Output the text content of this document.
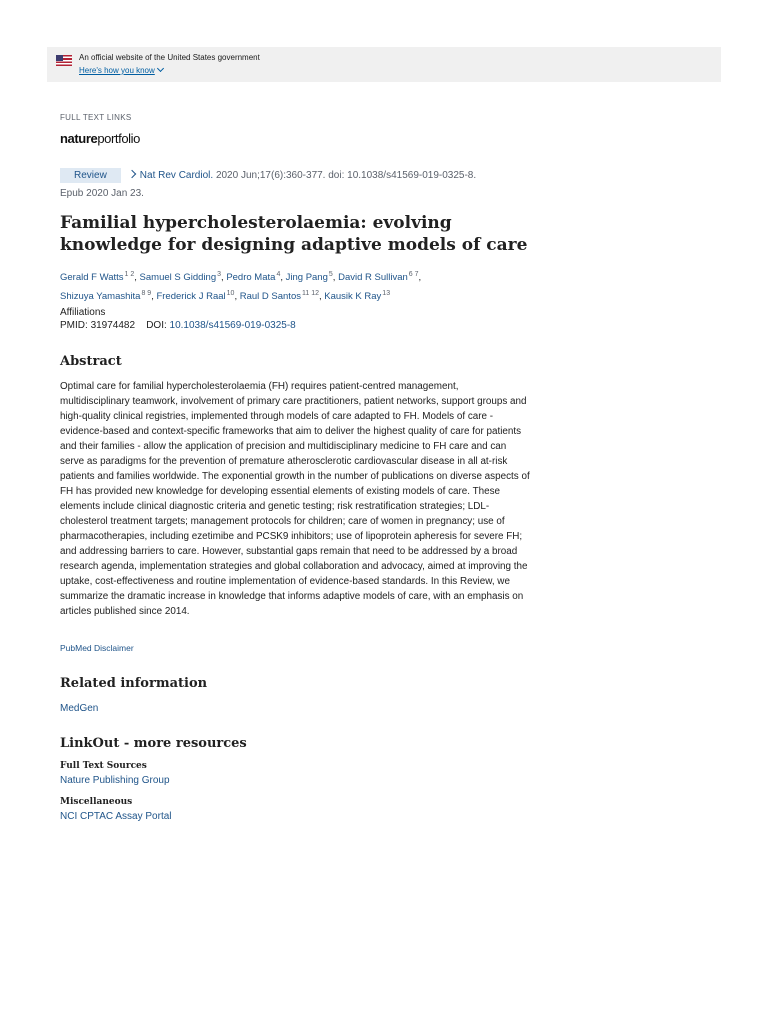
An official website of the United States government
Here's how you know
FULL TEXT LINKS
natureportfolio
Review	Nat Rev Cardiol. 2020 Jun;17(6):360-377. doi: 10.1038/s41569-019-0325-8.
Epub 2020 Jan 23.
Familial hypercholesterolaemia: evolving knowledge for designing adaptive models of care
Gerald F Watts$^{1 2}$, Samuel S Gidding$^3$, Pedro Mata$^4$, Jing Pang$^5$, David R Sullivan$^{6 7}$,
Shizuya Yamashita$^{8 9}$, Frederick J Raal$^{10}$, Raul D Santos$^{11 12}$, Kausik K Ray$^{13}$
Affiliations
PMID: 31974482 DOI: 10.1038/s41569-019-0325-8
Abstract

Optimal care for familial hypercholesterolaemia (FH) requires patient-centred management, multidisciplinary teamwork, involvement of primary care practitioners, patient networks, support groups and high-quality clinical registries, implemented through models of care adapted to FH. Models of care - evidence-based and context-specific frameworks that aim to deliver the highest quality of care for patients and their families - allow the application of precision and multidisciplinary medicine to FH care and can serve as paradigms for the prevention of premature atherosclerotic cardiovascular disease in all at-risk patients and families worldwide. The exponential growth in the number of publications on diverse aspects of FH has provided new knowledge for developing essential elements of existing models of care. These elements include clinical diagnostic criteria and genetic testing; risk restratification strategies; LDL-cholesterol treatment targets; management protocols for children; care of women in pregnancy; use of pharmacotherapies, including ezetimibe and PCSK9 inhibitors; use of lipoprotein apheresis for severe FH; and addressing barriers to care. However, substantial gaps remain that need to be addressed by a broad research agenda, implementation strategies and global collaboration and advocacy, aimed at improving the uptake, cost-effectiveness and routine implementation of evidence-based standards. In this Review, we summarize the dramatic increase in knowledge that informs adaptive models of care, with an emphasis on articles published since 2014.

PubMed Disclaimer
Related information
MedGen
LinkOut - more resources
Full Text Sources
Nature Publishing Group
Miscellaneous
NCI CPTAC Assay Portal
